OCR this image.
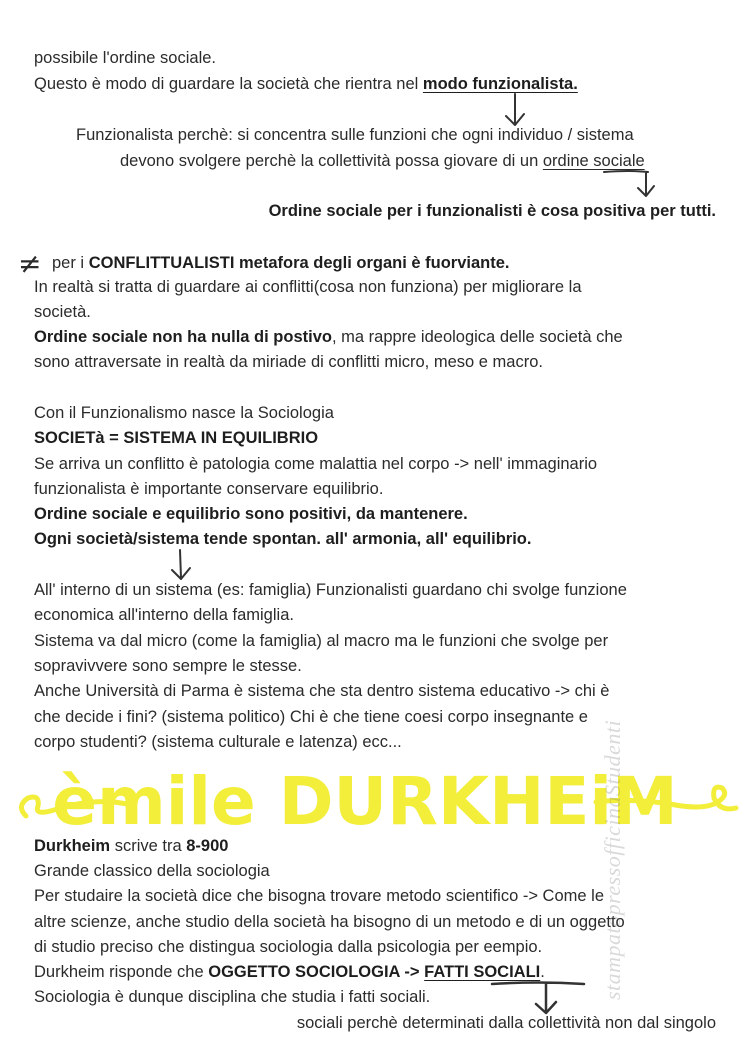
possibile l'ordine sociale.
Questo è modo di guardare la società che rientra nel modo funzionalista.
Funzionalista perchè: si concentra sulle funzioni che ogni individuo / sistema
devono svolgere perchè la collettività possa giovare di un ordine sociale
Ordine sociale per i funzionalisti è cosa positiva per tutti.
≠ per i CONFLITTUALISTI metafora degli organi è fuorviante.
In realtà si tratta di guardare ai conflitti(cosa non funziona) per migliorare la
società.
Ordine sociale non ha nulla di postivo, ma rappre ideologica delle società che
sono attraversate in realtà da miriade di conflitti micro, meso e macro.
Con il Funzionalismo nasce la Sociologia
SOCIETà = SISTEMA IN EQUILIBRIO
Se arriva un conflitto è patologia come malattia nel corpo -> nell' immaginario
funzionalista è importante conservare equilibrio.
Ordine sociale e equilibrio sono positivi, da mantenere.
Ogni società/sistema tende spontan. all' armonia, all' equilibrio.
All' interno di un sistema (es: famiglia) Funzionalisti guardano chi svolge funzione
economica all'interno della famiglia.
Sistema va dal micro (come la famiglia) al macro ma le funzioni che svolge per
sopravivvere sono sempre le stesse.
Anche Università di Parma è sistema che sta dentro sistema educativo -> chi è
che decide i fini? (sistema politico) Chi è che tiene coesi corpo insegnante e
corpo studenti? (sistema culturale e latenza) ecc...
èmile DURKHEiM
Durkheim scrive tra 8-900
Grande classico della sociologia
Per studaire la società dice che bisogna trovare metodo scientifico -> Come le
altre scienze, anche studio della società ha bisogno di un metodo e di un oggetto
di studio preciso che distingua sociologia dalla psicologia per eempio.
Durkheim risponde che OGGETTO SOCIOLOGIA -> FATTI SOCIALI.
Sociologia è dunque disciplina che studia i fatti sociali.
sociali perchè determinati dalla collettività non dal singolo
stampatopressofficinaStudenti
